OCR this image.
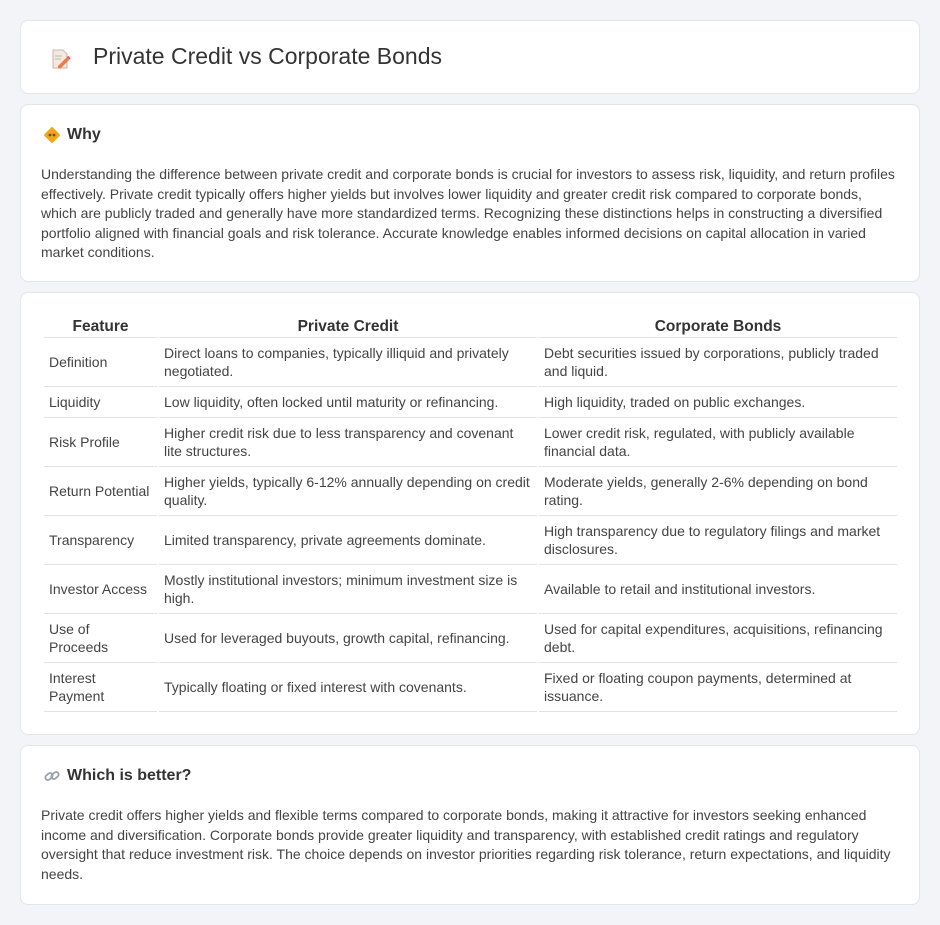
Private Credit vs Corporate Bonds
Why

Understanding the difference between private credit and corporate bonds is crucial for investors to assess risk, liquidity, and return profiles effectively. Private credit typically offers higher yields but involves lower liquidity and greater credit risk compared to corporate bonds, which are publicly traded and generally have more standardized terms. Recognizing these distinctions helps in constructing a diversified portfolio aligned with financial goals and risk tolerance. Accurate knowledge enables informed decisions on capital allocation in varied market conditions.

Feature	Private Credit	Corporate Bonds
Definition	Direct loans to companies, typically illiquid and privately negotiated.	Debt securities issued by corporations, publicly traded and liquid.
Liquidity	Low liquidity, often locked until maturity or refinancing.	High liquidity, traded on public exchanges.
Risk Profile	Higher credit risk due to less transparency and covenant lite structures.	Lower credit risk, regulated, with publicly available financial data.
Return Potential	Higher yields, typically 6-12% annually depending on credit quality.	Moderate yields, generally 2-6% depending on bond rating.
Transparency	Limited transparency, private agreements dominate.	High transparency due to regulatory filings and market disclosures.
Investor Access	Mostly institutional investors; minimum investment size is high.	Available to retail and institutional investors.
Use of Proceeds	Used for leveraged buyouts, growth capital, refinancing.	Used for capital expenditures, acquisitions, refinancing debt.
Interest Payment	Typically floating or fixed interest with covenants.	Fixed or floating coupon payments, determined at issuance.
Which is better?

Private credit offers higher yields and flexible terms compared to corporate bonds, making it attractive for investors seeking enhanced income and diversification. Corporate bonds provide greater liquidity and transparency, with established credit ratings and regulatory oversight that reduce investment risk. The choice depends on investor priorities regarding risk tolerance, return expectations, and liquidity needs.
